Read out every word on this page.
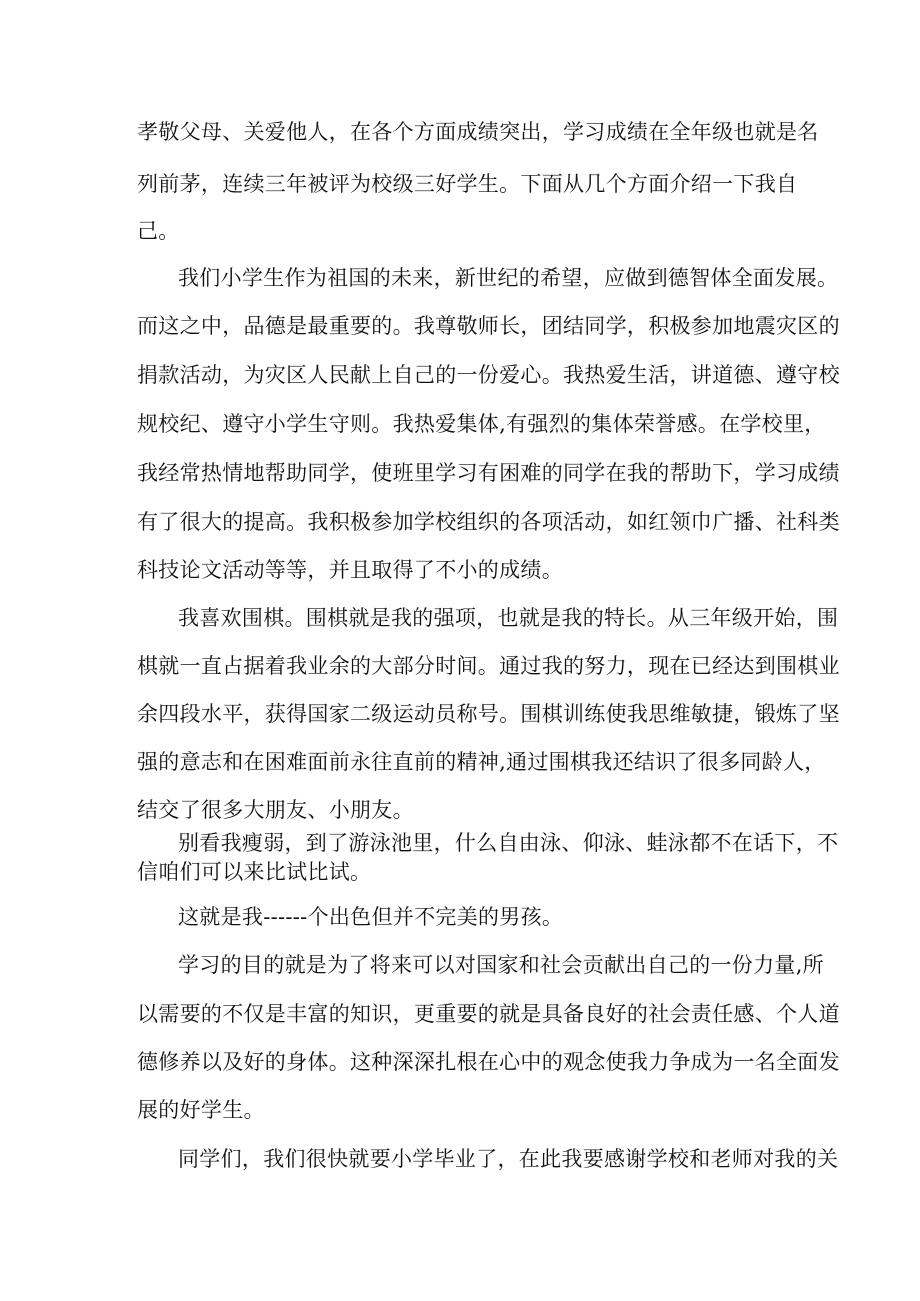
孝敬父母、关爱他人，在各个方面成绩突出，学习成绩在全年级也就是名
列前茅，连续三年被评为校级三好学生。下面从几个方面介绍一下我自
己。
我们小学生作为祖国的未来，新世纪的希望，应做到德智体全面发展。
而这之中，品德是最重要的。我尊敬师长，团结同学，积极参加地震灾区的
捐款活动，为灾区人民献上自己的一份爱心。我热爱生活，讲道德、遵守校
规校纪、遵守小学生守则。我热爱集体,有强烈的集体荣誉感。在学校里，
我经常热情地帮助同学，使班里学习有困难的同学在我的帮助下，学习成绩
有了很大的提高。我积极参加学校组织的各项活动，如红领巾广播、社科类
科技论文活动等等，并且取得了不小的成绩。
我喜欢围棋。围棋就是我的强项，也就是我的特长。从三年级开始，围
棋就一直占据着我业余的大部分时间。通过我的努力，现在已经达到围棋业
余四段水平，获得国家二级运动员称号。围棋训练使我思维敏捷，锻炼了坚
强的意志和在困难面前永往直前的精神,通过围棋我还结识了很多同龄人，
结交了很多大朋友、小朋友。
别看我瘦弱，到了游泳池里，什么自由泳、仰泳、蛙泳都不在话下，不
信咱们可以来比试比试。
这就是我------个出色但并不完美的男孩。
学习的目的就是为了将来可以对国家和社会贡献出自己的一份力量,所
以需要的不仅是丰富的知识，更重要的就是具备良好的社会责任感、个人道
德修养以及好的身体。这种深深扎根在心中的观念使我力争成为一名全面发
展的好学生。
同学们，我们很快就要小学毕业了，在此我要感谢学校和老师对我的关
